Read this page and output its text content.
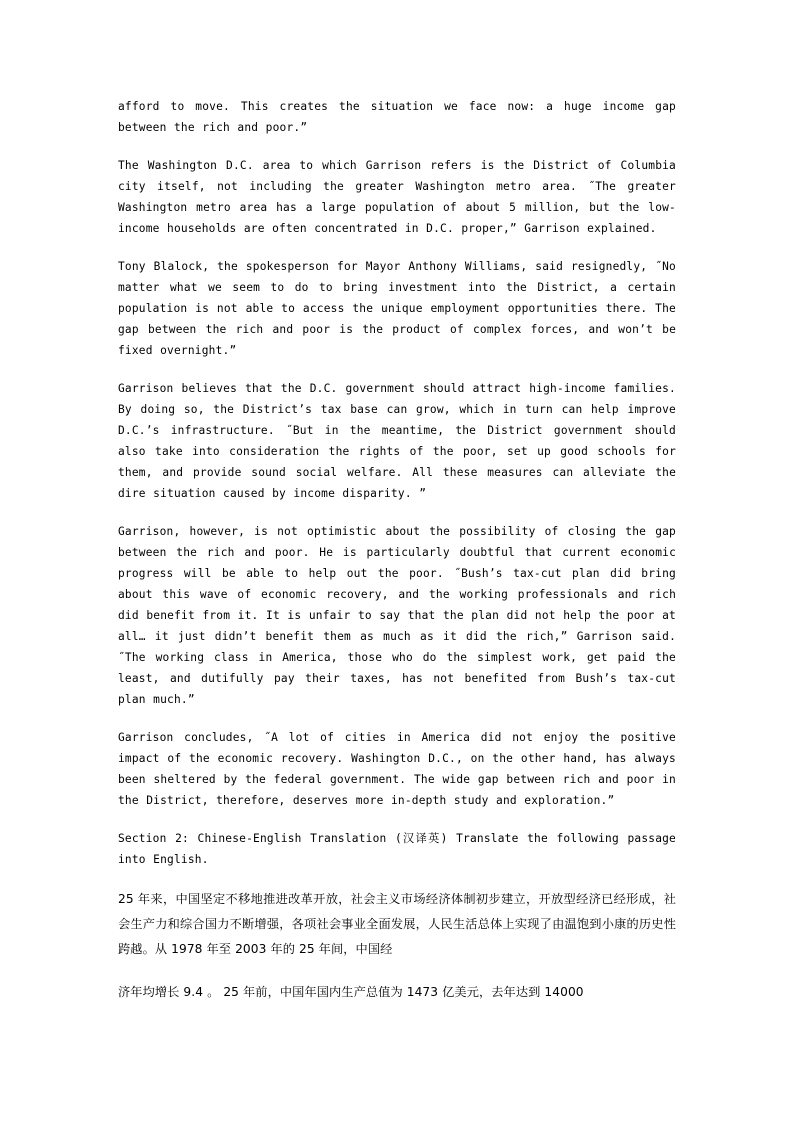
afford to move. This creates the situation we face now: a huge income gap between the rich and poor.ˮ

The Washington D.C. area to which Garrison refers is the District of Columbia city itself, not including the greater Washington metro area. ˝The greater Washington metro area has a large population of about 5 million, but the low-income households are often concentrated in D.C. proper,ˮ Garrison explained.

Tony Blalock, the spokesperson for Mayor Anthony Williams, said resignedly, ˝No matter what we seem to do to bring investment into the District, a certain population is not able to access the unique employment opportunities there. The gap between the rich and poor is the product of complex forces, and wonʼt be fixed overnight.ˮ

Garrison believes that the D.C. government should attract high-income families. By doing so, the Districtʼs tax base can grow, which in turn can help improve D.C.ʼs infrastructure. ˝But in the meantime, the District government should also take into consideration the rights of the poor, set up good schools for them, and provide sound social welfare. All these measures can alleviate the dire situation caused by income disparity. ˮ

Garrison, however, is not optimistic about the possibility of closing the gap between the rich and poor. He is particularly doubtful that current economic progress will be able to help out the poor. ˝Bushʼs tax-cut plan did bring about this wave of economic recovery, and the working professionals and rich did benefit from it. It is unfair to say that the plan did not help the poor at all… it just didnʼt benefit them as much as it did the rich,ˮ Garrison said. ˝The working class in America, those who do the simplest work, get paid the least, and dutifully pay their taxes, has not benefited from Bushʼs tax-cut plan much.ˮ

Garrison concludes, ˝A lot of cities in America did not enjoy the positive impact of the economic recovery. Washington D.C., on the other hand, has always been sheltered by the federal government. The wide gap between rich and poor in the District, therefore, deserves more in-depth study and exploration.ˮ

Section 2: Chinese-English Translation (汉译英) Translate the following passage into English.

25 年来，中国坚定不移地推进改革开放，社会主义市场经济体制初步建立，开放型经济已经形成，社会生产力和综合国力不断增强，各项社会事业全面发展，人民生活总体上实现了由温饱到小康的历史性跨越。从 1978 年至 2003 年的 25 年间，中国经

济年均增长 9.4 。 25 年前，中国年国内生产总值为 1473 亿美元，去年达到 14000
